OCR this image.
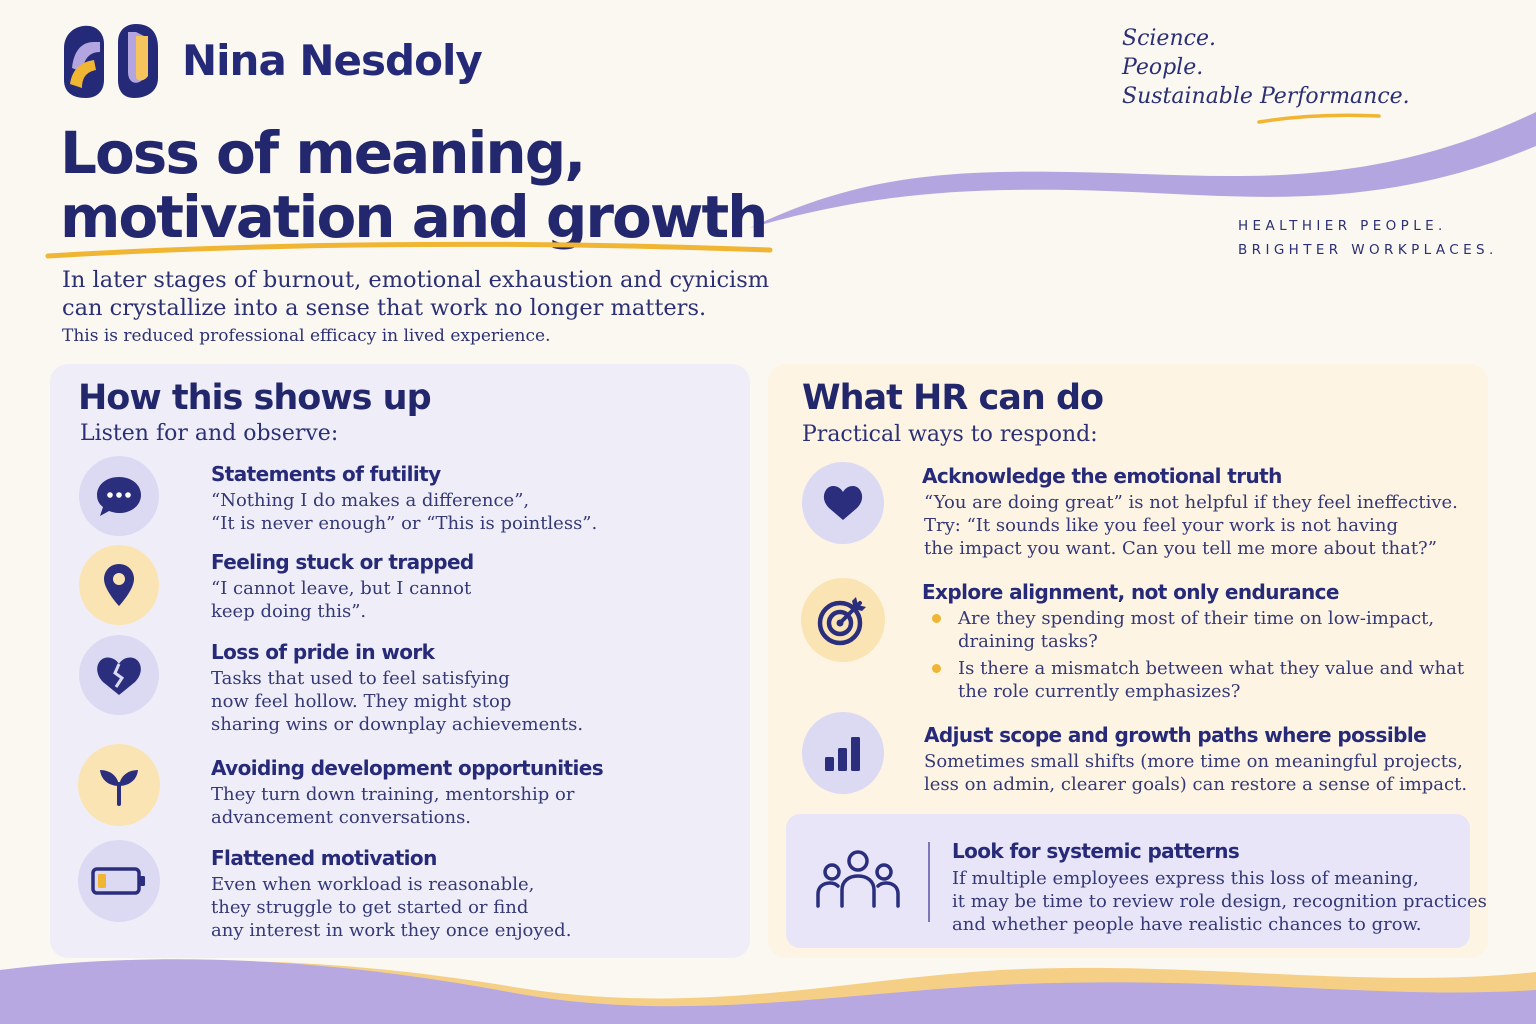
Nina Nesdoly	Science.
People.
Sustainable Performance.
HEALTHIER PEOPLE.
BRIGHTER WORKPLACES.
Loss of meaning,
motivation and growth
In later stages of burnout, emotional exhaustion and cynicism
can crystallize into a sense that work no longer matters.
This is reduced professional efficacy in lived experience.
How this shows up
Listen for and observe:
Statements of futility
“Nothing I do makes a difference”,
“It is never enough” or “This is pointless”.
Feeling stuck or trapped
“I cannot leave, but I cannot
keep doing this”.
Loss of pride in work
Tasks that used to feel satisfying
now feel hollow. They might stop
sharing wins or downplay achievements.
Avoiding development opportunities
They turn down training, mentorship or
advancement conversations.
Flattened motivation
Even when workload is reasonable,
they struggle to get started or find
any interest in work they once enjoyed.
What HR can do
Practical ways to respond:
Acknowledge the emotional truth
“You are doing great” is not helpful if they feel ineffective.
Try: “It sounds like you feel your work is not having
the impact you want. Can you tell me more about that?”
Explore alignment, not only endurance
Are they spending most of their time on low-impact,
draining tasks?
Is there a mismatch between what they value and what
the role currently emphasizes?
Adjust scope and growth paths where possible
Sometimes small shifts (more time on meaningful projects,
less on admin, clearer goals) can restore a sense of impact.
Look for systemic patterns
If multiple employees express this loss of meaning,
it may be time to review role design, recognition practices
and whether people have realistic chances to grow.
